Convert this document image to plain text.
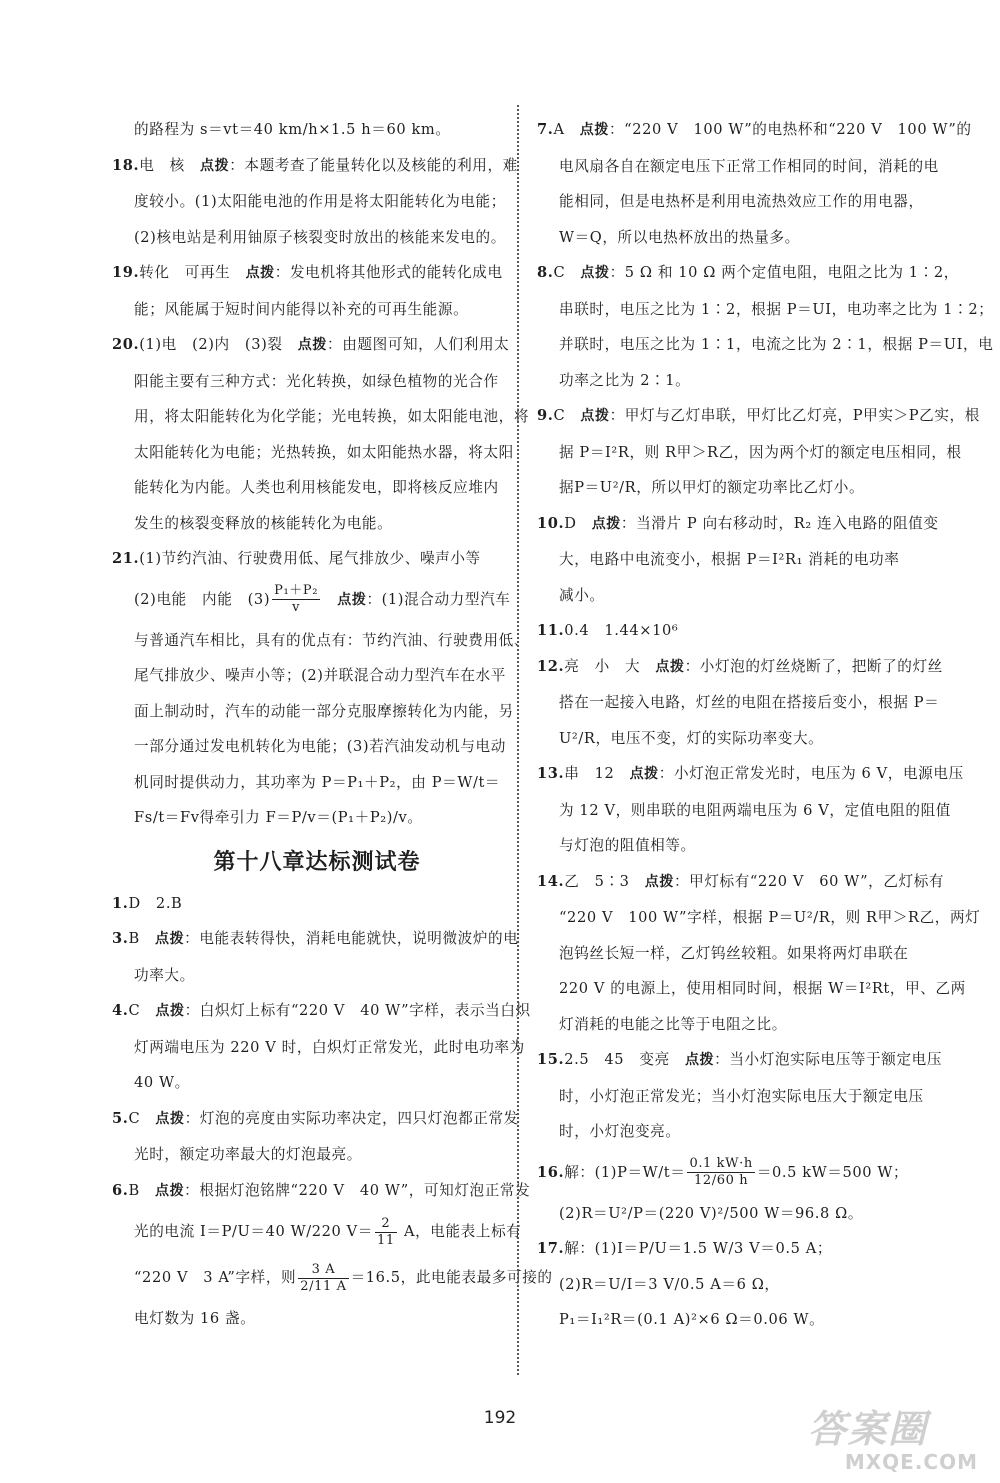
的路程为 s＝vt＝40 km/h×1.5 h＝60 km。
18.电　核　点拨：本题考查了能量转化以及核能的利用，难
度较小。(1)太阳能电池的作用是将太阳能转化为电能；
(2)核电站是利用铀原子核裂变时放出的核能来发电的。
19.转化　可再生　点拨：发电机将其他形式的能转化成电
能；风能属于短时间内能得以补充的可再生能源。
20.(1)电　(2)内　(3)裂　点拨：由题图可知，人们利用太
阳能主要有三种方式：光化转换，如绿色植物的光合作
用，将太阳能转化为化学能；光电转换，如太阳能电池，将
太阳能转化为电能；光热转换，如太阳能热水器，将太阳
能转化为内能。人类也利用核能发电，即将核反应堆内
发生的核裂变释放的核能转化为电能。
21.(1)节约汽油、行驶费用低、尾气排放少、噪声小等
(2)电能　内能　$(3) \frac{\text{P₁＋P₂}}{v}$
　 点拨：(1)混合动力型汽车
与普通汽车相比，具有的优点有：节约汽油、行驶费用低、
尾气排放少、噪声小等；(2)并联混合动力型汽车在水平
面上制动时，汽车的动能一部分克服摩擦转化为内能，另
一部分通过发电机转化为电能；(3)若汽油发动机与电动
机同时提供动力，其功率为 P＝P₁＋P₂，由 P＝W/t＝
Fs/t＝Fv得牵引力 F＝P/v＝(P₁＋P₂)/v。
第十八章达标测试卷
1.D　2.B
3.B　点拨：电能表转得快，消耗电能就快，说明微波炉的电
功率大。
4.C　点拨：白炽灯上标有“220 V　40 W”字样，表示当白炽
灯两端电压为 220 V 时，白炽灯正常发光，此时电功率为
40 W。
5.C　点拨：灯泡的亮度由实际功率决定，四只灯泡都正常发
光时，额定功率最大的灯泡最亮。
6.B　点拨：根据灯泡铭牌“220 V　40 W”，可知灯泡正常发
光的电流 I＝P/U＝40 W/220 $V= \frac{2}{11}$ A，电能表上标有
“220 V　3 A”字样，则 $\frac{3 A}{2/11 A} =16.5$，此电能表最多可接的
电灯数为 16 盏。
7.A　点拨：“220 V　100 W”的电热杯和“220 V　100 W”的
电风扇各自在额定电压下正常工作相同的时间，消耗的电
能相同，但是电热杯是利用电流热效应工作的用电器，
W＝Q，所以电热杯放出的热量多。
8.C　点拨：5 Ω 和 10 Ω 两个定值电阻，电阻之比为 1∶2，
串联时，电压之比为 1∶2，根据 P＝UI，电功率之比为 1∶2；
并联时，电压之比为 1∶1，电流之比为 2∶1，根据 P＝UI，电
功率之比为 2∶1。
9.C　点拨：甲灯与乙灯串联，甲灯比乙灯亮，P甲实＞P乙实，根
据 P＝I²R，则 R甲＞R乙，因为两个灯的额定电压相同，根
据P＝U²/R，所以甲灯的额定功率比乙灯小。
10.D　点拨：当滑片 P 向右移动时，R₂ 连入电路的阻值变
大，电路中电流变小，根据 P＝I²R₁ 消耗的电功率
减小。
11.0.4　1.44×10⁶
12.亮　小　大　点拨：小灯泡的灯丝烧断了，把断了的灯丝
搭在一起接入电路，灯丝的电阻在搭接后变小，根据 P＝
U²/R，电压不变，灯的实际功率变大。
13.串　12　点拨：小灯泡正常发光时，电压为 6 V，电源电压
为 12 V，则串联的电阻两端电压为 6 V，定值电阻的阻值
与灯泡的阻值相等。
14.乙　5∶3　点拨：甲灯标有“220 V　60 W”，乙灯标有
“220 V　100 W”字样，根据 P＝U²/R，则 R甲＞R乙，两灯
泡钨丝长短一样，乙灯钨丝较粗。如果将两灯串联在
220 V 的电源上，使用相同时间，根据 W＝I²Rt，甲、乙两
灯消耗的电能之比等于电阻之比。
15.2.5　45　变亮　点拨：当小灯泡实际电压等于额定电压
时，小灯泡正常发光；当小灯泡实际电压大于额定电压
时，小灯泡变亮。
16.解：$(1)P=W/t= \frac{0.1 kW\cdot h}{12/60 h} =0.5$ kW＝500 W；
(2)R＝U²/P＝(220 V)²/500 W＝96.8 Ω。
17.解：(1)I＝P/U＝1.5 W/3 V＝0.5 A；
(2)R＝U/I＝3 V/0.5 A＝6 Ω，
P₁＝I₁²R＝(0.1 A)²×6 Ω＝0.06 W。
192	答案圈
MXQE.COM
